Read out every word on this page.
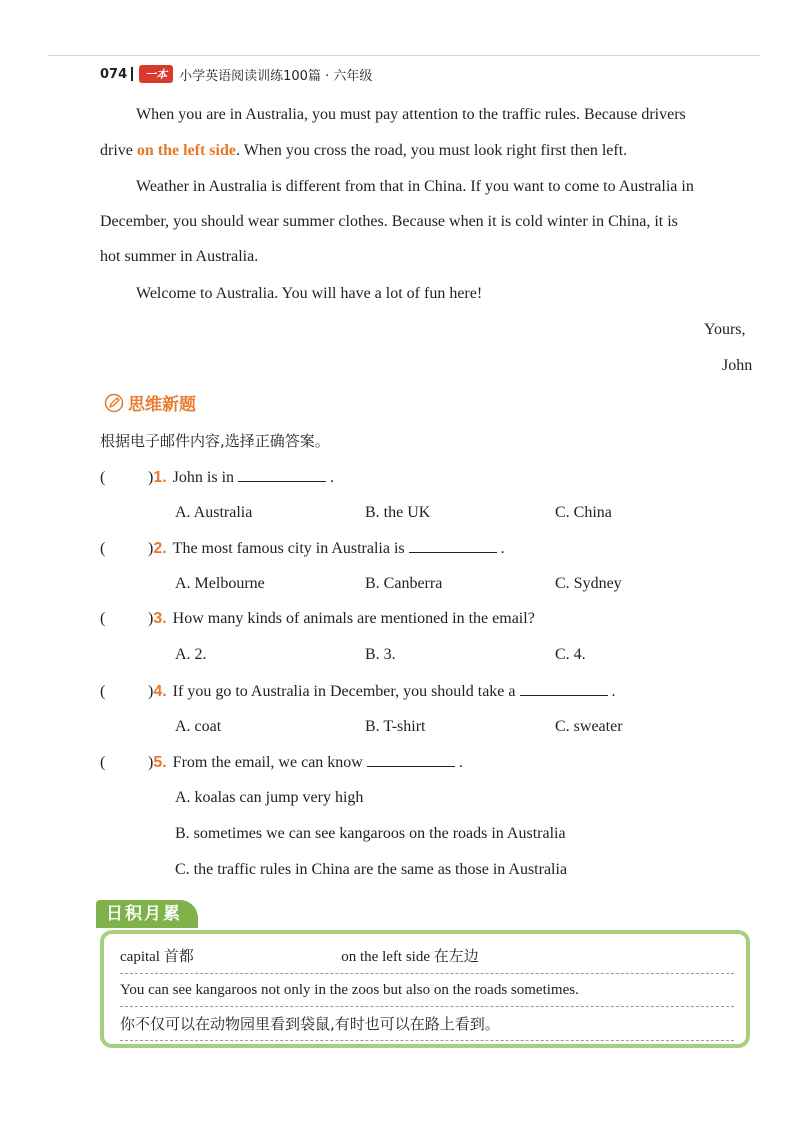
074	一本 小学英语阅读训练100篇 · 六年级
When you are in Australia, you must pay attention to the traffic rules. Because drivers
drive on the left side. When you cross the road, you must look right first then left.
Weather in Australia is different from that in China. If you want to come to Australia in
December, you should wear summer clothes. Because when it is cold winter in China, it is
hot summer in Australia.
Welcome to Australia. You will have a lot of fun here!
Yours,
John
思维新题
根据电子邮件内容,选择正确答案。
(	) 1. John is in	.
A. Australia	B. the UK	C. China
(	) 2. The most famous city in Australia is	.
A. Melbourne	B. Canberra	C. Sydney
(	) 3. How many kinds of animals are mentioned in the email?
A. 2.	B. 3.	C. 4.
(	) 4. If you go to Australia in December, you should take a	.
A. coat	B. T-shirt	C. sweater
(	) 5. From the email, we can know	.
A. koalas can jump very high
B. sometimes we can see kangaroos on the roads in Australia
C. the traffic rules in China are the same as those in Australia
日积月累
capital 首都	on the left side 在左边
You can see kangaroos not only in the zoos but also on the roads sometimes.
你不仅可以在动物园里看到袋鼠,有时也可以在路上看到。
